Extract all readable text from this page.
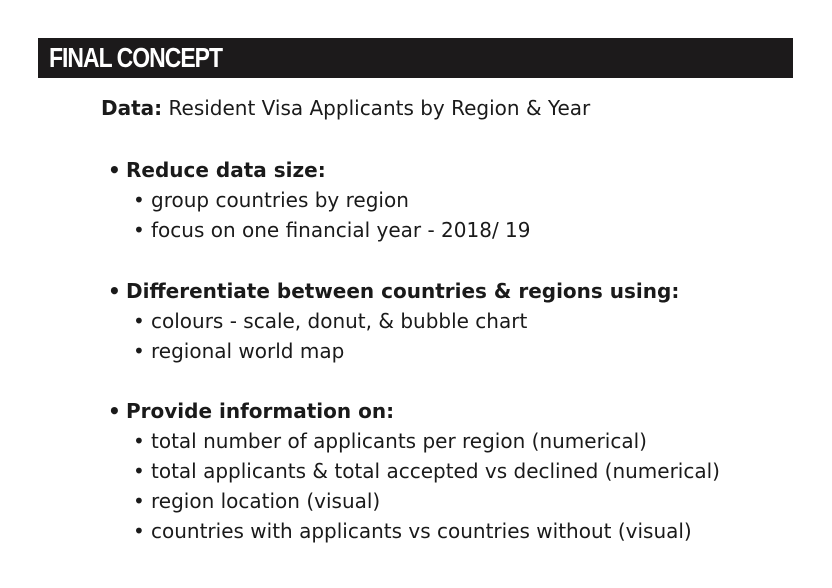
FINAL CONCEPT
Data: Resident Visa Applicants by Region & Year
• Reduce data size:
• group countries by region
• focus on one financial year - 2018/ 19
• Differentiate between countries & regions using:
• colours - scale, donut, & bubble chart
• regional world map
• Provide information on:
• total number of applicants per region (numerical)
• total applicants & total accepted vs declined (numerical)
• region location (visual)
• countries with applicants vs countries without (visual)
